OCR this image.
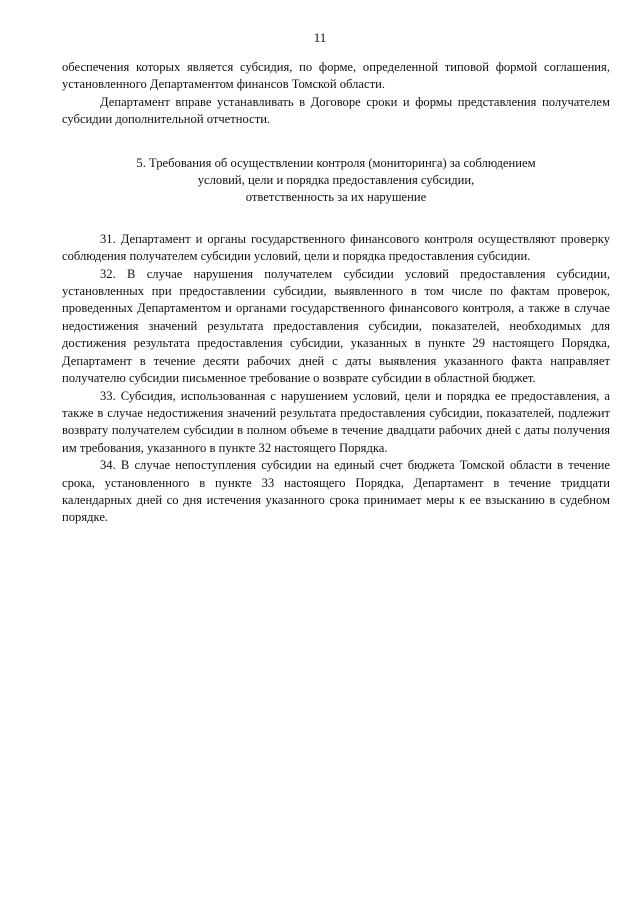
11

обеспечения которых является субсидия, по форме, определенной типовой формой соглашения, установленного Департаментом финансов Томской области.

Департамент вправе устанавливать в Договоре сроки и формы представления получателем субсидии дополнительной отчетности.

5. Требования об осуществлении контроля (мониторинга) за соблюдением
условий, цели и порядка предоставления субсидии,
ответственность за их нарушение

31. Департамент и органы государственного финансового контроля осуществляют проверку соблюдения получателем субсидии условий, цели и порядка предоставления субсидии.

32. В случае нарушения получателем субсидии условий предоставления субсидии, установленных при предоставлении субсидии, выявленного в том числе по фактам проверок, проведенных Департаментом и органами государственного финансового контроля, а также в случае недостижения значений результата предоставления субсидии, показателей, необходимых для достижения результата предоставления субсидии, указанных в пункте 29 настоящего Порядка, Департамент в течение десяти рабочих дней с даты выявления указанного факта направляет получателю субсидии письменное требование о возврате субсидии в областной бюджет.

33. Субсидия, использованная с нарушением условий, цели и порядка ее предоставления, а также в случае недостижения значений результата предоставления субсидии, показателей, подлежит возврату получателем субсидии в полном объеме в течение двадцати рабочих дней с даты получения им требования, указанного в пункте 32 настоящего Порядка.

34. В случае непоступления субсидии на единый счет бюджета Томской области в течение срока, установленного в пункте 33 настоящего Порядка, Департамент в течение тридцати календарных дней со дня истечения указанного срока принимает меры к ее взысканию в судебном порядке.
